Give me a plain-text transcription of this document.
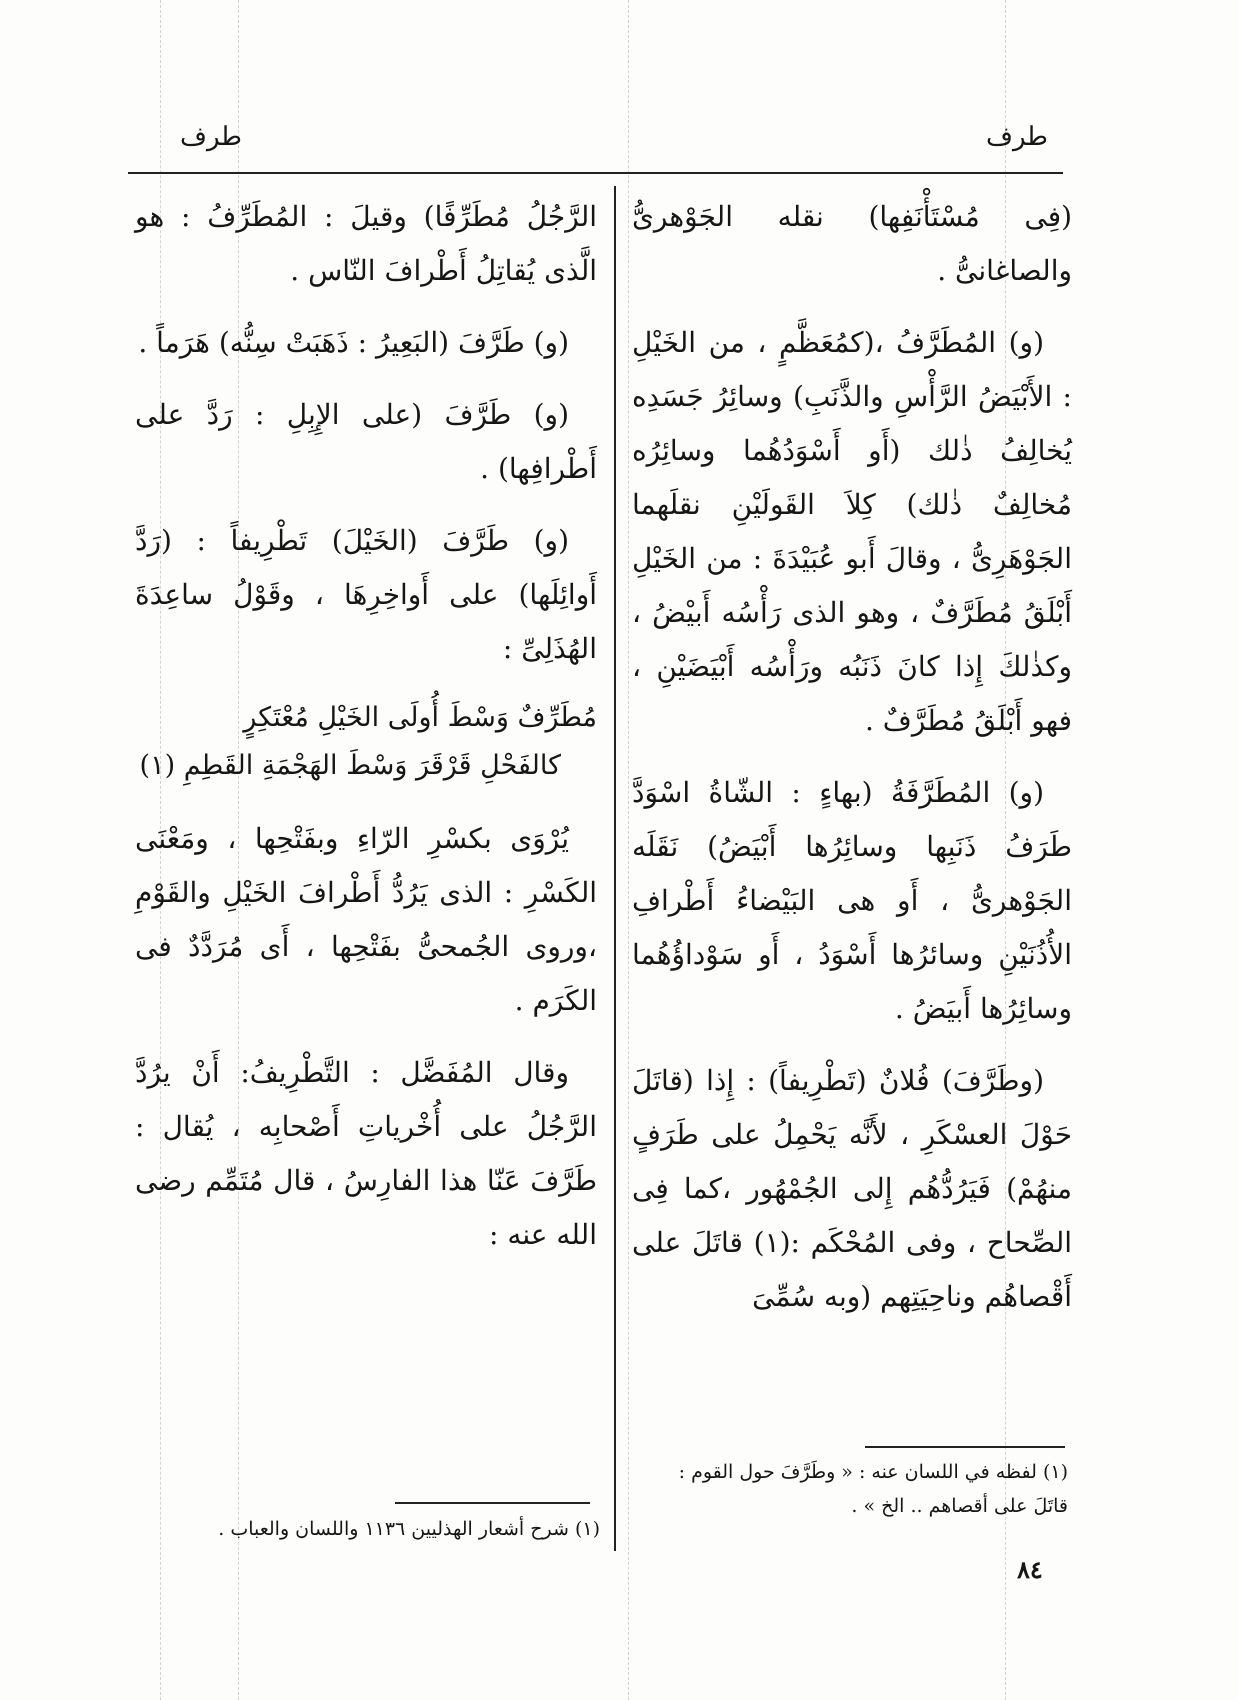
طرف
طرف

(فِى مُسْتَأْنَفِها) نقله الجَوْهرىُّ والصاغانىُّ .

(و) المُطَرَّفُ ،(كمُعَظَّمٍ ، من الخَيْلِ : الأَبْيَضُ الرَّأْسِ والذَّنَبِ) وسائِرُ جَسَدِه يُخالِفُ ذٰلك (أَو أَسْوَدُهُما وسائِرُه مُخالِفٌ ذٰلك) كِلاَ القَولَيْنِ نقلَهما الجَوْهَرِىُّ ، وقالَ أَبو عُبَيْدَةَ : من الخَيْلِ أَبْلَقُ مُطَرَّفٌ ، وهو الذى رَأْسُه أَبيْضُ ، وكذٰلكَ إِذا كانَ ذَنَبُه ورَأْسُه أَبْيَضَيْنِ ، فهو أَبْلَقُ مُطَرَّفٌ .

(و) المُطَرَّفَةُ (بهاءٍ : الشّاةُ اسْوَدَّ طَرَفُ ذَنَبِها وسائِرُها أَبْيَضُ) نَقَلَه الجَوْهرىُّ ، أَو هى البَيْضاءُ أَطْرافِ الأُذُنَيْنِ وسائرُها أَسْوَدُ ، أَو سَوْداؤُهُما وسائِرُها أَبيَضُ .

(وطَرَّفَ) فُلانٌ (تَطْرِيفاً) : إِذا (قاتَلَ حَوْلَ العسْكَرِ ، لأَنَّه يَحْمِلُ على طَرَفٍ منهُمْ) فَيَرُدُّهُم إِلى الجُمْهُور ،كما فِى الصِّحاح ، وفى المُحْكَم :(١) قاتَلَ على أَقْصاهُم وناحِيَتِهم (وبه سُمِّىَ

الرَّجُلُ مُطَرِّفًا) وقيلَ : المُطَرِّفُ : هو الَّذى يُقاتِلُ أَطْرافَ النّاس .

(و) طَرَّفَ (البَعِيرُ : ذَهَبَتْ سِنُّه) هَرَماً .

(و) طَرَّفَ (على الإِبِلِ : رَدَّ على أَطْرافِها) .

(و) طَرَّفَ (الخَيْلَ) تَطْرِيفاً : (رَدَّ أَوائِلَها) على أَواخِرِهَا ، وقَوْلُ ساعِدَةَ الهُذَلِىِّ :

مُطَرِّفٌ وَسْطَ أُولَى الخَيْلِ مُعْتَكِرٍ
كالفَحْلِ قَرْقَرَ وَسْطَ الهَجْمَةِ القَطِمِ (١)

يُرْوَى بكسْرِ الرّاءِ وبفَتْحِها ، ومَعْنَى الكَسْرِ : الذى يَرُدُّ أَطْرافَ الخَيْلِ والقَوْمِ ،وروى الجُمحىُّ بفَتْحِها ، أَى مُرَدَّدٌ فى الكَرَم .

وقال المُفَضَّل : التَّطْرِيفُ: أَنْ يرُدَّ الرَّجُلُ على أُخْرياتِ أَصْحابِه ، يُقال : طَرَّفَ عَنّا هذا الفارِسُ ، قال مُتَمِّم رضى الله عنه :

(١) لفظه في اللسان عنه : « وطَرَّفَ حول القوم : قاتَلَ على أقصاهم .. الخ » .
(١) شرح أشعار الهذليين ١١٣٦ واللسان والعباب .
٨٤
